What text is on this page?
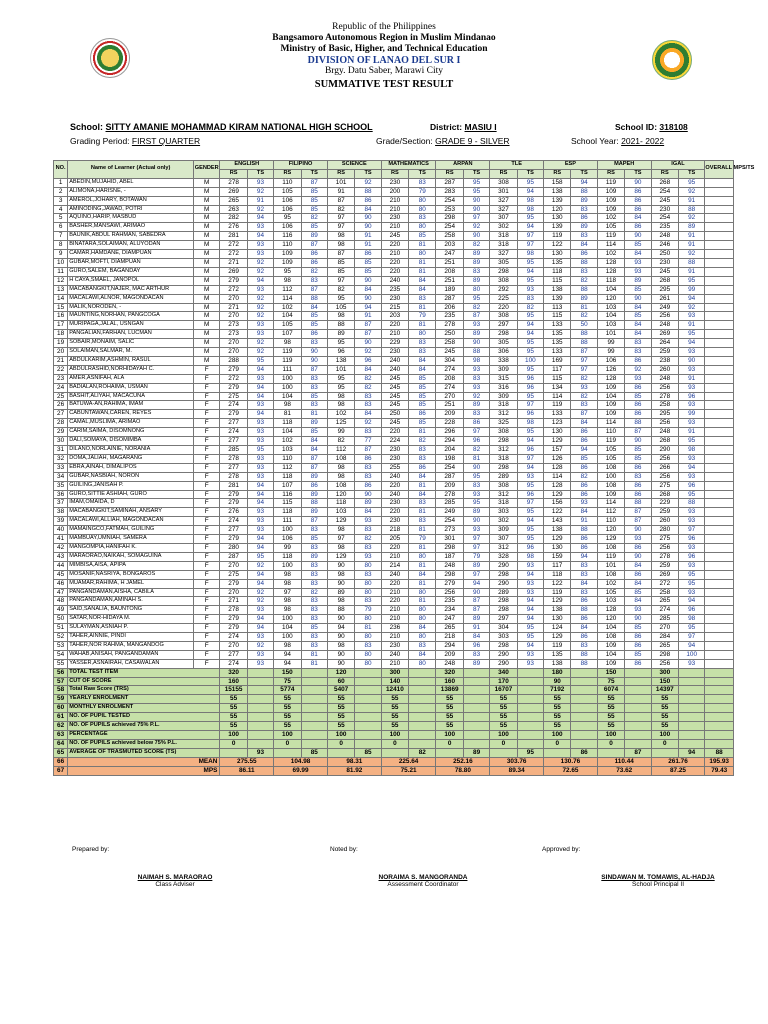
Republic of the Philippines
Bangsamoro Autonomous Region in Muslim Mindanao
Ministry of Basic, Higher, and Technical Education
DIVISION OF LANAO DEL SUR I
Brgy. Datu Saber, Marawi City
SUMMATIVE TEST RESULT
School: SITTY AMANIE MOHAMMAD KIRAM NATIONAL HIGH SCHOOL	District: MASIU I	School ID: 318108
Grading Period: FIRST QUARTER	Grade/Section: GRADE 9 - SILVER	School Year: 2021- 2022
NO.	Name of Learner (Actual only)	GENDER	ENGLISH		FILIPINO		SCIENCE		MATHEMATICS		ARPAN		TLE		ESP		MAPEH		IGAL		OVERALL MPS/TS
			RS	TS	RS	TS	RS	TS	RS	TS	RS	TS	RS	TS	RS	TS	RS	TS	RS	TS	
1	ABEDIN,MUJAHID, ABEL	M	278	93	110	87	101	92	230	83	287	95	308	95	158	94	119	90	268	95	
2	ALIMONA,HARISNE, -	M	269	92	105	85	91	88	200	79	283	95	301	94	138	88	109	86	254	92	
3	AMEROL,JOHARY, BOTAWAN	M	265	91	106	85	87	86	210	80	254	90	327	98	139	89	109	86	245	91	
4	AMINODING,JAWAD, POTRI	M	263	92	106	85	82	84	210	80	253	90	327	98	120	83	109	86	230	88	
5	AQUINO,HARIP, MASBUD	M	282	94	95	82	97	90	230	83	298	97	307	95	130	86	102	84	254	92	
6	BASHER,MANSAWI, ARIMAO	M	276	93	106	85	97	90	210	80	254	92	302	94	139	89	105	86	235	89	
7	BAUNIK,ABDUL RAHMAN, SABEDRA	M	281	94	116	89	98	91	245	85	258	90	318	97	119	83	119	90	248	91	
8	BINATARA,SOLAIMAN, ALUYODAN	M	272	93	110	87	98	91	220	81	203	82	318	97	122	84	114	85	246	91	
9	CAMAR,HAMDANE, DIAMPUAN	M	272	93	109	86	87	86	210	80	247	89	327	98	130	86	102	84	250	92	
10	GUBAR,MOFTI, DIAMPUAN	M	271	92	109	86	85	85	220	81	251	89	305	95	135	88	128	93	230	88	
11	GURO,SALEM, BAGANDAY	M	269	92	95	82	85	85	220	81	208	83	298	94	118	83	128	93	245	91	
12	H CAYA,SMAEL, JANOPOL	M	279	94	98	83	97	90	240	84	251	89	308	95	115	82	118	89	268	95	
13	MACABANGKIT,NAJER, MAC ARTHUR	M	272	93	112	87	82	84	235	84	189	80	292	93	138	88	104	85	295	99	
14	MACALAWI,ALNOR, MAGONDACAN	M	270	92	114	88	95	90	230	83	287	95	225	83	139	89	120	90	261	94	
15	MALIK,NORODEN, -	M	271	92	102	84	105	94	215	81	206	82	220	82	113	81	103	84	249	92	
16	MAUNTING,NORHAN, PANGCOGA	M	270	92	104	85	98	91	203	79	235	87	308	95	115	82	104	85	256	93	
17	MURIPAGA,JALAL, USNGAN	M	273	93	105	85	88	87	220	81	278	93	297	94	133	50	103	84	248	91	
18	PANGALIAN,FARHAN, LUCMAN	M	273	93	107	86	89	87	210	80	250	89	298	94	135	88	101	84	269	95	
19	SOBAIR,MONAIM, SALIC	M	270	92	98	83	95	90	229	83	258	90	305	95	135	88	99	83	264	94	
20	SOLAIMAN,SALMAR, M.	M	270	92	119	90	96	92	230	83	245	88	306	95	133	87	99	83	259	93	
21	ABDULKARIM,ASHMIN, RASUL	M	288	95	119	90	138	96	240	84	304	98	338	100	169	97	106	86	238	90	
22	ABDULRASHID,NORHIDAYAH C.	F	279	94	111	87	101	84	240	84	274	93	309	95	117	97	126	92	260	93	
23	AMER,ASNIFAH, ALA	F	272	93	100	83	95	82	245	85	208	83	315	96	115	82	128	93	248	91	
24	BADIALAN,ROHAIMA, USMAN	F	279	94	100	83	95	82	245	85	274	93	316	96	134	93	109	86	256	93	
25	BASHIT,ALIYAH, MACACUNA	F	275	94	104	85	98	83	245	85	270	92	309	95	114	82	104	85	278	96	
26	BATUWA-AN,RAHIMA, IMAM	F	274	93	98	83	98	83	245	85	251	89	318	97	119	83	109	86	258	93	
27	CABUNTAWAN,CAREN, REYES	F	279	94	81	81	102	84	250	86	209	83	312	96	133	87	109	86	295	99	
28	CAMAL,MUSLIMA, ARIMAO	F	277	93	118	89	125	92	245	85	228	86	325	98	123	84	114	88	256	93	
29	CARIM,SAIMA, DISOMNONG	F	274	93	104	85	99	83	220	81	296	97	308	95	130	86	110	87	248	91	
30	DALI,SOMAYA, DISOMIMBA	F	277	93	102	84	82	77	224	82	294	96	298	94	129	86	119	90	268	95	
31	DILANO,NORLAINIE, NORANIA	F	285	95	103	84	112	87	230	83	204	82	312	96	157	94	105	85	290	98	
32	DOMA,JALIAH, MAGARANG	F	278	93	110	87	108	86	230	83	198	81	318	97	126	85	105	85	256	93	
33	EBRA,AINAH, DIMALIPOS	F	277	93	112	87	98	83	255	86	254	90	298	94	128	86	108	86	266	94	
34	GUBAR,NASBIAH, NORON	F	278	93	118	89	98	83	240	84	287	95	289	93	114	82	100	83	256	93	
35	GUILING,JANISAH P.	F	281	94	107	86	108	86	220	81	209	83	308	95	128	86	108	86	275	96	
36	GURO,SITTIE ASHIAH, GURO	F	279	94	116	89	120	90	240	84	278	93	312	96	129	86	109	86	268	95	
37	IMAM,OMAIDA, D	F	279	94	115	88	118	89	230	83	285	95	318	97	156	93	114	88	229	88	
38	MACABANGKIT,SAMINAH, ANSARY	F	276	93	118	89	103	84	220	81	249	89	303	95	122	84	112	87	259	93	
39	MACALAWI,ALLIAH, MAGONDACAN	F	274	93	111	87	129	93	230	83	254	90	302	94	143	91	110	87	260	93	
40	MAMAINGCO,FATMAH, GUILING	F	277	93	100	83	98	83	218	81	273	93	309	95	138	88	120	90	280	97	
41	MAMBUAY,UMNIAH, SAMERA	F	279	94	106	85	97	82	205	79	301	97	307	95	129	86	129	93	275	96	
42	MANGOMPIA,HANIFAH K.	F	280	94	99	83	98	83	220	81	298	97	312	96	130	86	108	86	256	93	
43	MARAORAO,NAIKAH, SOMAGUINA	F	287	95	118	89	129	93	210	80	187	79	328	98	159	94	119	90	278	96	
44	MIMBISA,AISA, APIPA	F	270	92	100	83	90	80	214	81	248	89	290	93	117	83	101	84	259	93	
45	MOSANIF,NASRIYA, BONGAROS	F	275	94	98	83	98	83	240	84	298	97	298	94	118	83	108	86	269	95	
46	MUAMAR,RAHIMA, H JAMEL	F	279	94	98	83	90	80	220	81	279	94	290	93	122	84	102	84	272	95	
47	PANGANDAMAN,AISHA, CABILA	F	270	92	97	82	89	80	210	80	256	90	289	93	119	83	105	85	258	93	
48	PANGANDAMAN,AMINAH S.	F	271	92	98	83	98	83	220	81	235	87	298	94	129	86	103	84	265	94	
49	SAID,SANALIA, BAUNTONG	F	278	93	98	83	88	79	210	80	234	87	298	94	138	88	128	93	274	96	
50	SATAR,NOR-HIDAYA M.	F	279	94	100	83	90	80	210	80	247	89	297	94	130	86	120	90	285	98	
51	SULAYMAN,ASNIAH P.	F	279	94	104	85	94	81	236	84	265	91	304	95	124	84	104	85	270	95	
52	TAHER,AINNIE, PINDI	F	274	93	100	83	90	80	210	80	218	84	303	95	129	86	108	86	284	97	
53	TAHER,NOR RAHMA, MANGANDOG	F	270	92	98	83	98	83	230	83	294	96	298	94	119	83	109	86	265	94	
54	WAHAB,ANISAH, PANGANDAMAN	F	277	93	94	81	90	80	240	84	209	83	290	93	135	88	104	85	298	100	
55	YASSER,ASNAIRAH, CASAWALAN	F	274	93	94	81	90	80	210	80	248	89	290	93	138	88	109	86	256	93	
56	TOTAL TEST ITEM		320		150		120		300		320		340		180		150		300		
57	CUT OF SCORE		160		75		60		140		160		170		90		75		150		
58	Total Raw Score (TRS)		15155		5774		5407		12410		13869		16707		7192		6074		14397		
59	YEARLY ENROLMENT		55		55		55		55		55		55		55		55		55		
60	MONTHLY ENROLMENT		55		55		55		55		55		55		55		55		55		
61	NO. OF PUPIL TESTED		55		55		55		55		55		55		55		55		55		
62	NO. OF PUPILS achieved 75% P.L.		55		55		55		55		55		55		55		55		55		
63	PERCENTAGE		100		100		100		100		100		100		100		100		100		
64	NO. OF PUPILS achieved below 75% P.L.		0		0		0		0		0		0		0		0		0		
65	AVERAGE OF TRASMUTED SCORE (TS)			93		85		85		82		89		95		86		87		94	88
66	MEAN		275.55		104.98		98.31		225.64		252.16		303.76		130.76		110.44		261.76		195.93
67	MPS		86.11		69.99		81.92		75.21		78.80		89.34		72.65		73.62		87.25		79.43
Prepared by:	Noted by:	Approved by:
NAIMAH S. MARAORAO
Class Adviser
NORAIMA S. MANGORANDA
Assessment Coordinator
SINDAWAN M. TOMAWIS, AL-HADJA
School Principal II
